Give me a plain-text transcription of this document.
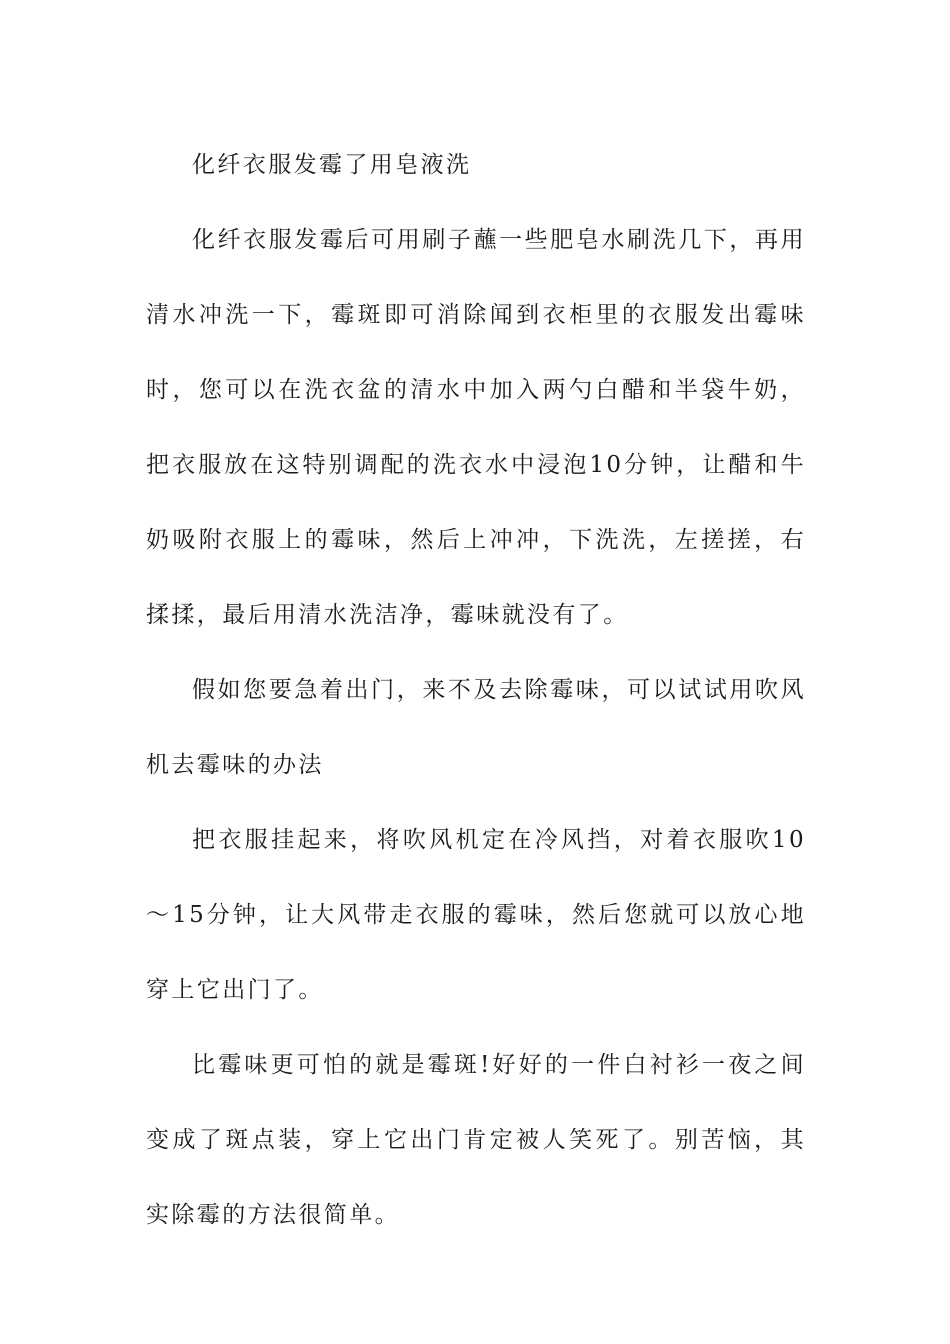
化纤衣服发霉了用皂液洗

化纤衣服发霉后可用刷子蘸一些肥皂水刷洗几下，再用清水冲洗一下，霉斑即可消除闻到衣柜里的衣服发出霉味时，您可以在洗衣盆的清水中加入两勺白醋和半袋牛奶，把衣服放在这特别调配的洗衣水中浸泡10分钟，让醋和牛奶吸附衣服上的霉味，然后上冲冲，下洗洗，左搓搓，右揉揉，最后用清水洗洁净，霉味就没有了。

假如您要急着出门，来不及去除霉味，可以试试用吹风机去霉味的办法

把衣服挂起来，将吹风机定在冷风挡，对着衣服吹10～15分钟，让大风带走衣服的霉味，然后您就可以放心地穿上它出门了。

比霉味更可怕的就是霉斑!好好的一件白衬衫一夜之间变成了斑点装，穿上它出门肯定被人笑死了。别苦恼，其实除霉的方法很简单。
